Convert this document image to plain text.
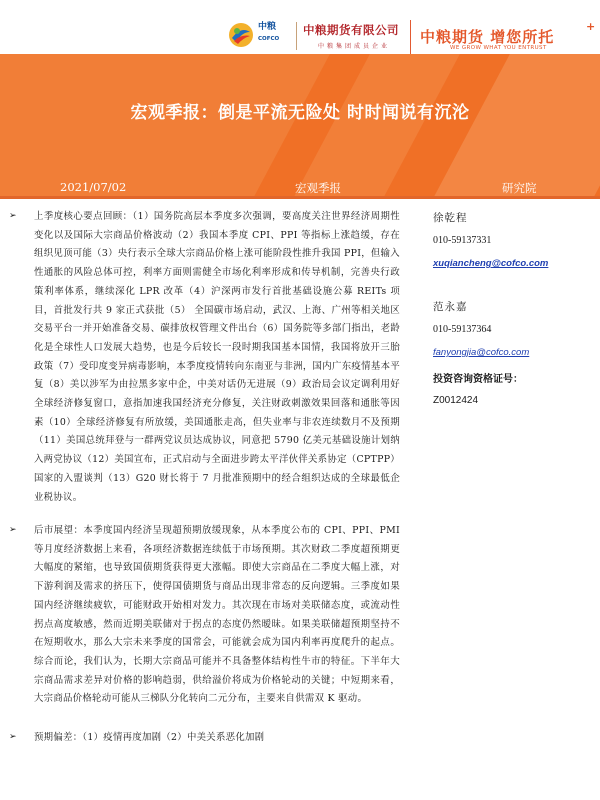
中粮
COFCO
中粮期货有限公司
中粮集团成员企业
宏观季报：倒是平流无险处 时时闻说有沉沦
中粮期货 增您所托
+
WE GROW WHAT YOU ENTRUST
2021/07/02	宏观季报	研究院
➢ 上季度核心要点回顾：（1）国务院高层本季度多次强调，要高度关注世界经济周期性变化以及国际大宗商品价格波动（2）我国本季度 CPI、PPI 等指标上涨趋缓，存在组织见顶可能（3）央行表示全球大宗商品价格上涨可能阶段性推升我国 PPI，但输入性通胀的风险总体可控，利率方面则需健全市场化利率形成和传导机制，完善央行政策利率体系，继续深化 LPR 改革（4）沪深两市发行首批基础设施公募 REITs 项目，首批发行共 9 家正式获批（5） 全国碳市场启动，武汉、上海、广州等相关地区交易平台一并开始准备交易、碳排放权管理文件出台（6）国务院等多部门指出，老龄化是全球性人口发展大趋势，也是今后较长一段时期我国基本国情，我国将放开三胎政策（7）受印度变异病毒影响，本季度疫情转向东南亚与非洲，国内广东疫情基本平复（8）美以涉军为由拉黑多家中企，中美对话仍无进展（9）政治局会议定调利用好全球经济修复窗口，意指加速我国经济充分修复，关注财政刺激效果回落和通胀等因素（10）全球经济修复有所放缓，美国通胀走高，但失业率与非农连续数月不及预期（11）美国总统拜登与一群两党议员达成协议，同意把 5790 亿美元基础设施计划纳入两党协议（12）美国宣布，正式启动与全面进步跨太平洋伙伴关系协定（CPTPP）国家的入盟谈判（13）G20 财长将于 7 月批准预期中的经合组织达成的全球最低企业税协议。
➢ 后市展望：本季度国内经济呈现超预期放缓现象，从本季度公布的 CPI、PPI、PMI 等月度经济数据上来看，各项经济数据连续低于市场预期。其次财政二季度超预期更大幅度的紧缩，也导致国债期货获得更大涨幅。即使大宗商品在二季度大幅上涨，对下游利润及需求的挤压下，使得国债期货与商品出现非常态的反向逻辑。三季度如果国内经济继续疲软，可能财政开始相对发力。其次现在市场对美联储态度，或流动性拐点高度敏感，然而近期美联储对于拐点的态度仍然暧昧。如果美联储超预期坚持不在短期收水，那么大宗未来季度的国常会，可能就会成为国内利率再度爬升的起点。综合而论，我们认为，长期大宗商品可能并不具备整体结构性牛市的特征。下半年大宗商品需求差异对价格的影响趋弱，供给溢价将成为价格轮动的关键；中短期来看，大宗商品价格轮动可能从三梯队分化转向二元分布，主要来自供需双 K 驱动。
➢ 预期偏差：（1）疫情再度加剧（2）中美关系恶化加剧
徐乾程
010-59137331
xuqiancheng@cofco.com
范永嘉
010-59137364
fanyongjia@cofco.com
投资咨询资格证号：
Z0012424
